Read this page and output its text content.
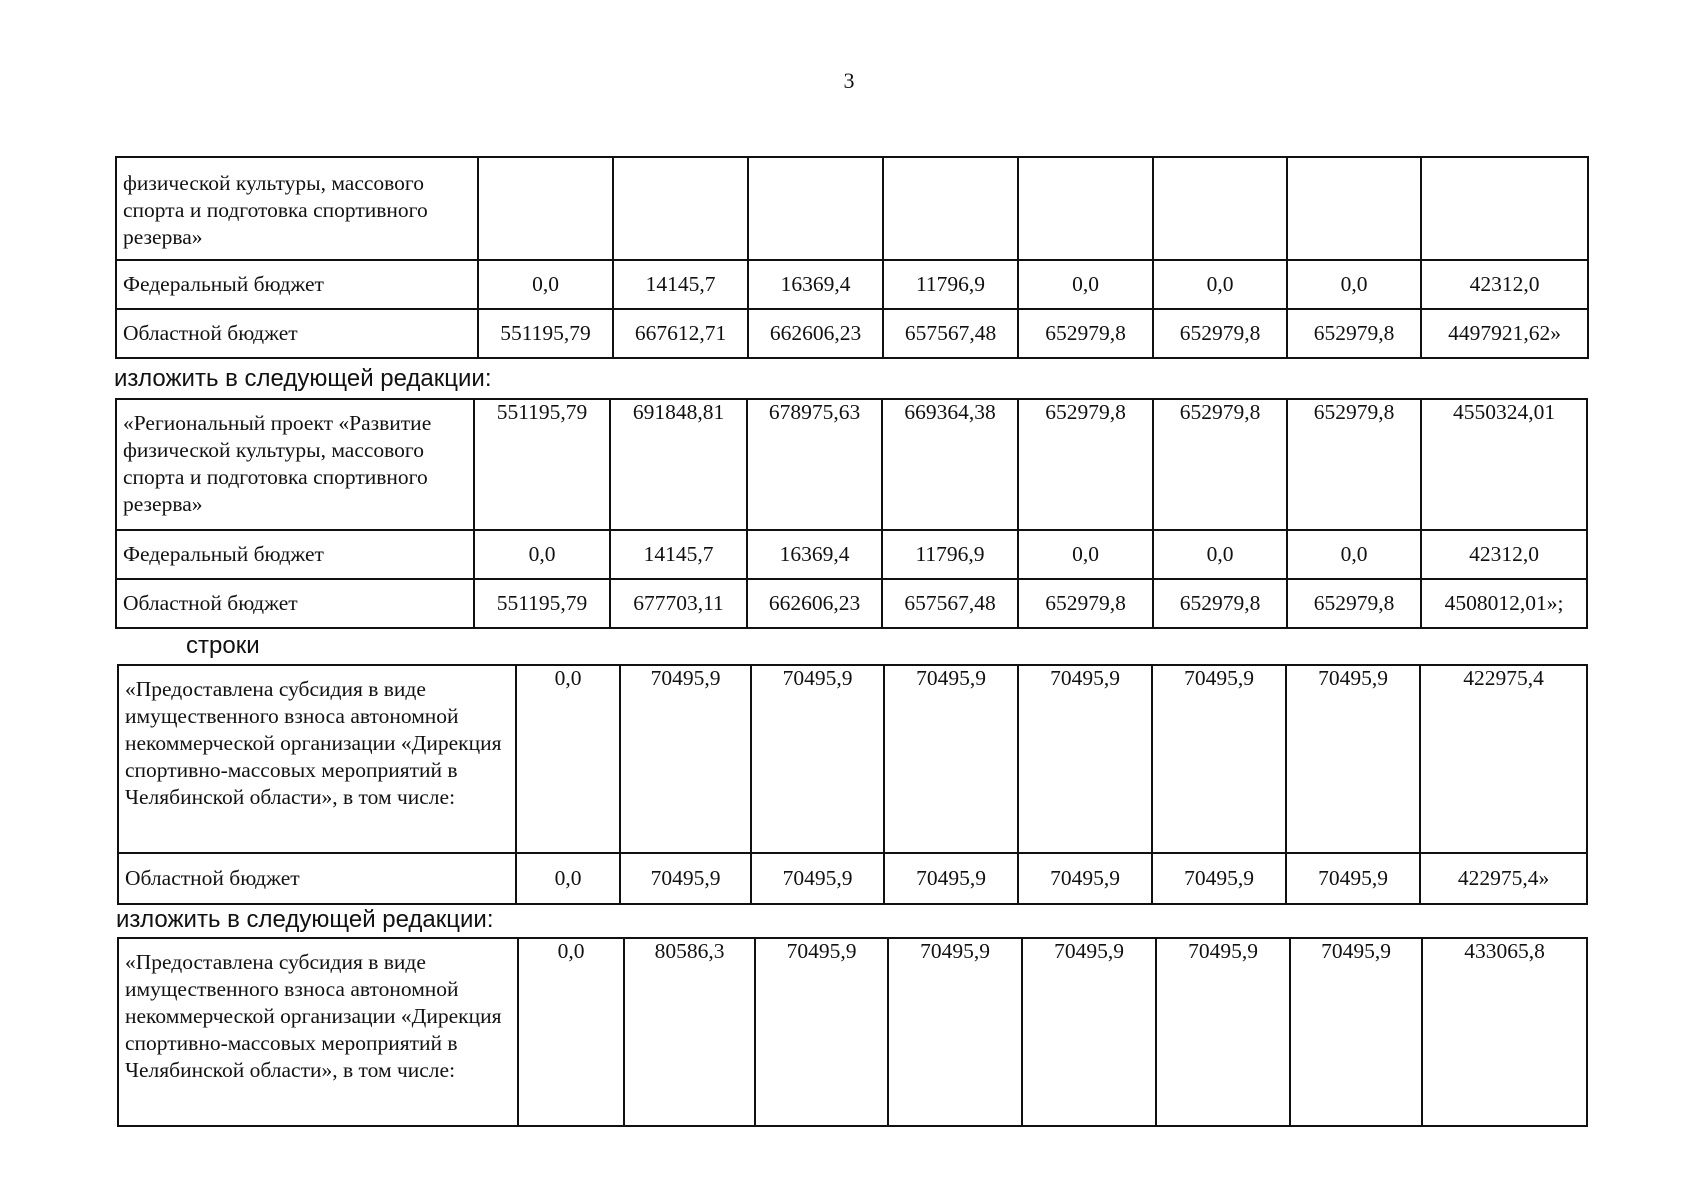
3
физической культуры, массового спорта и подготовка спортивного резерва»								
Федеральный бюджет	0,0	14145,7	16369,4	11796,9	0,0	0,0	0,0	42312,0
Областной бюджет	551195,79	667612,71	662606,23	657567,48	652979,8	652979,8	652979,8	4497921,62»
изложить в следующей редакции:
«Региональный проект «Развитие физической культуры, массового спорта и подготовка спортивного резерва»	551195,79	691848,81	678975,63	669364,38	652979,8	652979,8	652979,8	4550324,01
Федеральный бюджет	0,0	14145,7	16369,4	11796,9	0,0	0,0	0,0	42312,0
Областной бюджет	551195,79	677703,11	662606,23	657567,48	652979,8	652979,8	652979,8	4508012,01»;
строки
«Предоставлена субсидия в виде имущественного взноса автономной некоммерческой организации «Дирекция спортивно-массовых мероприятий в Челябинской области», в том числе:	0,0	70495,9	70495,9	70495,9	70495,9	70495,9	70495,9	422975,4
Областной бюджет	0,0	70495,9	70495,9	70495,9	70495,9	70495,9	70495,9	422975,4»
изложить в следующей редакции:
«Предоставлена субсидия в виде имущественного взноса автономной некоммерческой организации «Дирекция спортивно-массовых мероприятий в Челябинской области», в том числе:	0,0	80586,3	70495,9	70495,9	70495,9	70495,9	70495,9	433065,8
